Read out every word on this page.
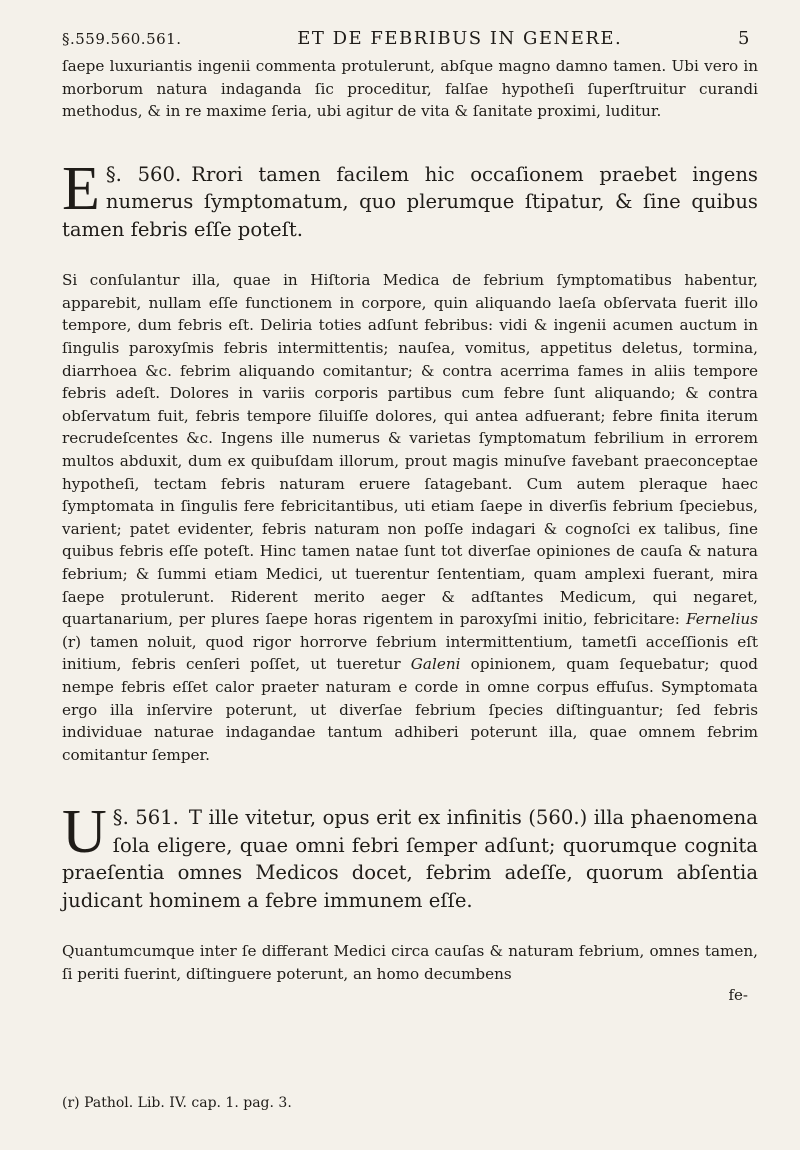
§.559.560.561.	ET DE FEBRIBUS IN GENERE.	5

ſaepe luxuriantis ingenii commenta protulerunt, abſque magno damno tamen. Ubi vero in morborum natura indaganda ſic proceditur, falſae hypotheſi ſuperſtruitur curandi methodus, & in re maxime ſeria, ubi agitur de vita & ſanitate proximi, luditur.

§. 560.
E	Rrori tamen facilem hic occaſionem praebet ingens numerus ſymptomatum, quo plerumque ſtipatur, & ſine quibus tamen febris eſſe poteſt.

Si conſulantur illa, quae in Hiſtoria Medica de febrium ſymptomatibus habentur, apparebit, nullam eſſe functionem in corpore, quin aliquando laeſa obſervata fuerit illo tempore, dum febris eſt. Deliria toties adſunt febribus: vidi & ingenii acumen auctum in ſingulis paroxyſmis febris intermittentis; nauſea, vomitus, appetitus deletus, tormina, diarrhoea &c. febrim aliquando comitantur; & contra acerrima fames in aliis tempore febris adeſt. Dolores in variis corporis partibus cum febre ſunt aliquando; & contra obſervatum fuit, febris tempore ſiluiſſe dolores, qui antea adfuerant; febre finita iterum recrudeſcentes &c. Ingens ille numerus & varietas ſymptomatum febrilium in errorem multos abduxit, dum ex quibuſdam illorum, prout magis minuſve favebant praeconceptae hypotheſi, tectam febris naturam eruere ſatagebant. Cum autem pleraque haec ſymptomata in ſingulis fere febricitantibus, uti etiam ſaepe in diverſis febrium ſpeciebus, varient; patet evidenter, febris naturam non poſſe indagari & cognoſci ex talibus, ſine quibus febris eſſe poteſt. Hinc tamen natae ſunt tot diverſae opiniones de cauſa & natura febrium; & ſummi etiam Medici, ut tuerentur ſententiam, quam amplexi fuerant, mira ſaepe protulerunt. Riderent merito aeger & adſtantes Medicum, qui negaret, quartanarium, per plures ſaepe horas rigentem in paroxyſmi initio, febricitare: Fernelius (r) tamen noluit, quod rigor horrorve febrium intermittentium, tametſi acceſſionis eſt initium, febris cenſeri poſſet, ut tueretur Galeni opinionem, quam ſequebatur; quod nempe febris eſſet calor praeter naturam e corde in omne corpus effuſus. Symptomata ergo illa inſervire poterunt, ut diverſae febrium ſpecies diſtinguantur; ſed febris individuae naturae indagandae tantum adhiberi poterunt illa, quae omnem febrim comitantur ſemper.

§. 561.
U	T ille vitetur, opus erit ex infinitis (560.) illa phaenomena ſola eligere, quae omni febri ſemper adſunt; quorumque cognita praeſentia omnes Medicos docet, febrim adeſſe, quorum abſentia judicant hominem a febre immunem eſſe.

Quantumcumque inter ſe differant Medici circa cauſas & naturam febrium, omnes tamen, ſi periti fuerint, diſtinguere poterunt, an homo decumbens

fe-
(r) Pathol. Lib. IV. cap. 1. pag. 3.
